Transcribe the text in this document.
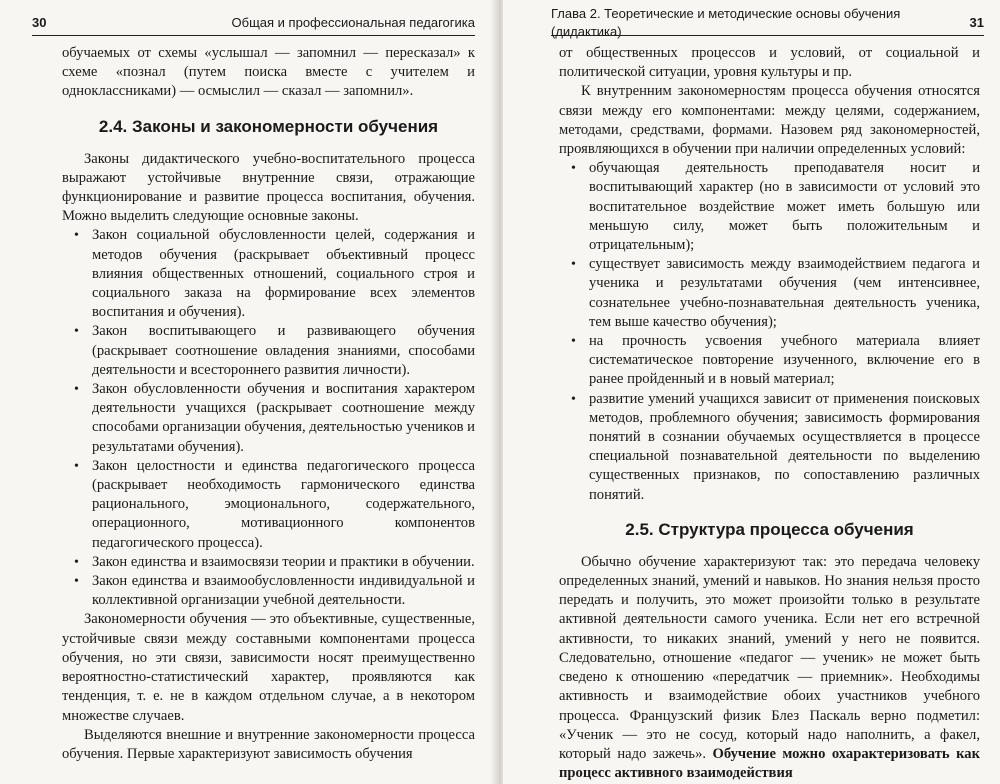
30	Общая и профессиональная педагогика

обучаемых от схемы «услышал — запомнил — пересказал» к схеме «познал (путем поиска вместе с учителем и одноклассниками) — осмыслил — сказал — запомнил».

2.4. Законы и закономерности обучения

Законы дидактического учебно-воспитательного процесса выражают устойчивые внутренние связи, отражающие функционирование и развитие процесса воспитания, обучения. Можно выделить следующие основные законы.

• Закон социальной обусловленности целей, содержания и методов обучения (раскрывает объективный процесс влияния общественных отношений, социального строя и социального заказа на формирование всех элементов воспитания и обучения).
• Закон воспитывающего и развивающего обучения (раскрывает соотношение овладения знаниями, способами деятельности и всестороннего развития личности).
• Закон обусловленности обучения и воспитания характером деятельности учащихся (раскрывает соотношение между способами организации обучения, деятельностью учеников и результатами обучения).
• Закон целостности и единства педагогического процесса (раскрывает необходимость гармонического единства рационального, эмоционального, содержательного, операционного, мотивационного компонентов педагогического процесса).
• Закон единства и взаимосвязи теории и практики в обучении.
• Закон единства и взаимообусловленности индивидуальной и коллективной организации учебной деятельности.

Закономерности обучения — это объективные, существенные, устойчивые связи между составными компонентами процесса обучения, но эти связи, зависимости носят преимущественно вероятностно-статистический характер, проявляются как тенденция, т. е. не в каждом отдельном случае, а в некотором множестве случаев.

Выделяются внешние и внутренние закономерности процесса обучения. Первые характеризуют зависимость обучения

Глава 2. Теоретические и методические основы обучения (дидактика)
31

от общественных процессов и условий, от социальной и политической ситуации, уровня культуры и пр.

К внутренним закономерностям процесса обучения относятся связи между его компонентами: между целями, содержанием, методами, средствами, формами. Назовем ряд закономерностей, проявляющихся в обучении при наличии определенных условий:

• обучающая деятельность преподавателя носит и воспитывающий характер (но в зависимости от условий это воспитательное воздействие может иметь большую или меньшую силу, может быть положительным и отрицательным);
• существует зависимость между взаимодействием педагога и ученика и результатами обучения (чем интенсивнее, сознательнее учебно-познавательная деятельность ученика, тем выше качество обучения);
• на прочность усвоения учебного материала влияет систематическое повторение изученного, включение его в ранее пройденный и в новый материал;
• развитие умений учащихся зависит от применения поисковых методов, проблемного обучения; зависимость формирования понятий в сознании обучаемых осуществляется в процессе специальной познавательной деятельности по выделению существенных признаков, по сопоставлению различных понятий.
2.5. Структура процесса обучения

Обычно обучение характеризуют так: это передача человеку определенных знаний, умений и навыков. Но знания нельзя просто передать и получить, это может произойти только в результате активной деятельности самого ученика. Если нет его встречной активности, то никаких знаний, умений у него не появится. Следовательно, отношение «педагог — ученик» не может быть сведено к отношению «передатчик — приемник». Необходимы активность и взаимодействие обоих участников учебного процесса. Французский физик Блез Паскаль верно подметил: «Ученик — это не сосуд, который надо наполнить, а факел, который надо зажечь». Обучение можно охарактеризовать как процесс активного взаимодействия
